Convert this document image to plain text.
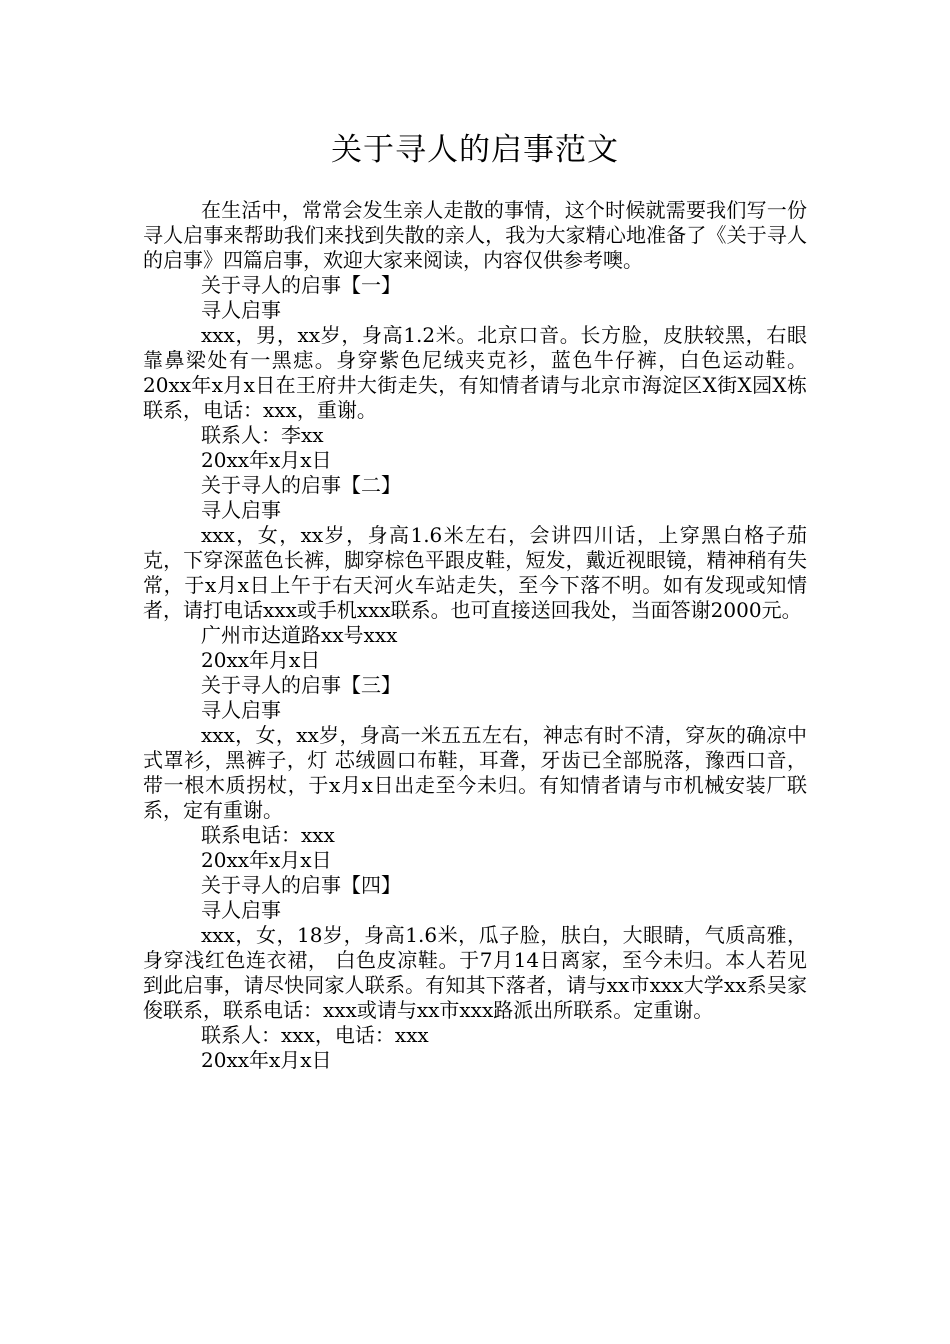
关于寻人的启事范文

在生活中，常常会发生亲人走散的事情，这个时候就需要我们写一份寻人启事来帮助我们来找到失散的亲人，我为大家精心地准备了《关于寻人的启事》四篇启事，欢迎大家来阅读，内容仅供参考噢。

关于寻人的启事【一】

寻人启事

xxx，男，xx岁，身高1.2米。北京口音。长方脸，皮肤较黑，右眼靠鼻梁处有一黑痣。身穿紫色尼绒夹克衫，蓝色牛仔裤，白色运动鞋。20xx年x月x日在王府井大街走失，有知情者请与北京市海淀区X街X园X栋联系，电话：xxx，重谢。

联系人：李xx

20xx年x月x日

关于寻人的启事【二】

寻人启事

xxx，女，xx岁，身高1.6米左右，会讲四川话，上穿黑白格子茄克，下穿深蓝色长裤，脚穿棕色平跟皮鞋，短发，戴近视眼镜，精神稍有失常，于x月x日上午于右天河火车站走失，至今下落不明。如有发现或知情者，请打电话xxx或手机xxx联系。也可直接送回我处，当面答谢2000元。

广州市达道路xx号xxx

20xx年月x日

关于寻人的启事【三】

寻人启事

xxx，女，xx岁，身高一米五五左右，神志有时不清，穿灰的确凉中式罩衫，黑裤子，灯 芯绒圆口布鞋，耳聋，牙齿已全部脱落，豫西口音，带一根木质拐杖，于x月x日出走至今未归。有知情者请与市机械安装厂联系，定有重谢。

联系电话：xxx

20xx年x月x日

关于寻人的启事【四】

寻人启事

xxx，女，18岁，身高1.6米，瓜子脸，肤白，大眼睛，气质高雅，身穿浅红色连衣裙， 白色皮凉鞋。于7月14日离家，至今未归。本人若见到此启事，请尽快同家人联系。有知其下落者，请与xx市xxx大学xx系吴家俊联系，联系电话：xxx或请与xx市xxx路派出所联系。定重谢。

联系人：xxx，电话：xxx

20xx年x月x日
